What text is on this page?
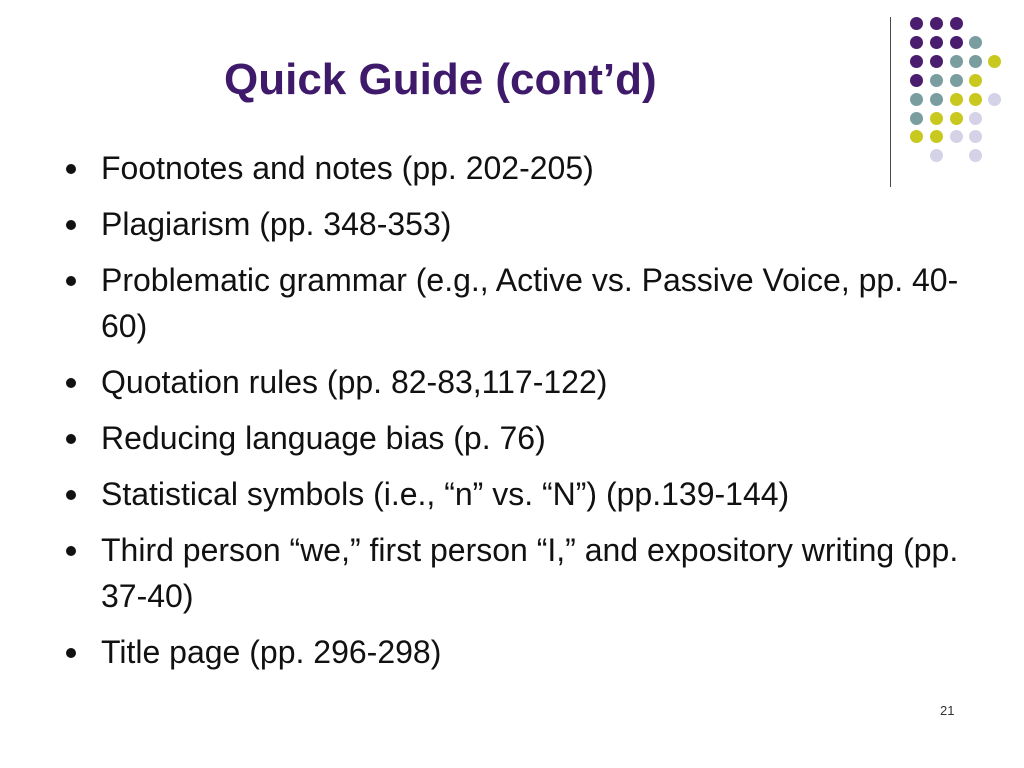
Quick Guide (cont’d)
Footnotes and notes (pp. 202-205)
Plagiarism (pp. 348-353)
Problematic grammar (e.g., Active vs. Passive Voice, pp. 40-60)
Quotation rules (pp. 82-83,117-122)
Reducing language bias (p. 76)
Statistical symbols (i.e., “n” vs. “N”) (pp.139-144)
Third person “we,” first person “I,” and expository writing (pp. 37-40)
Title page (pp. 296-298)
21
